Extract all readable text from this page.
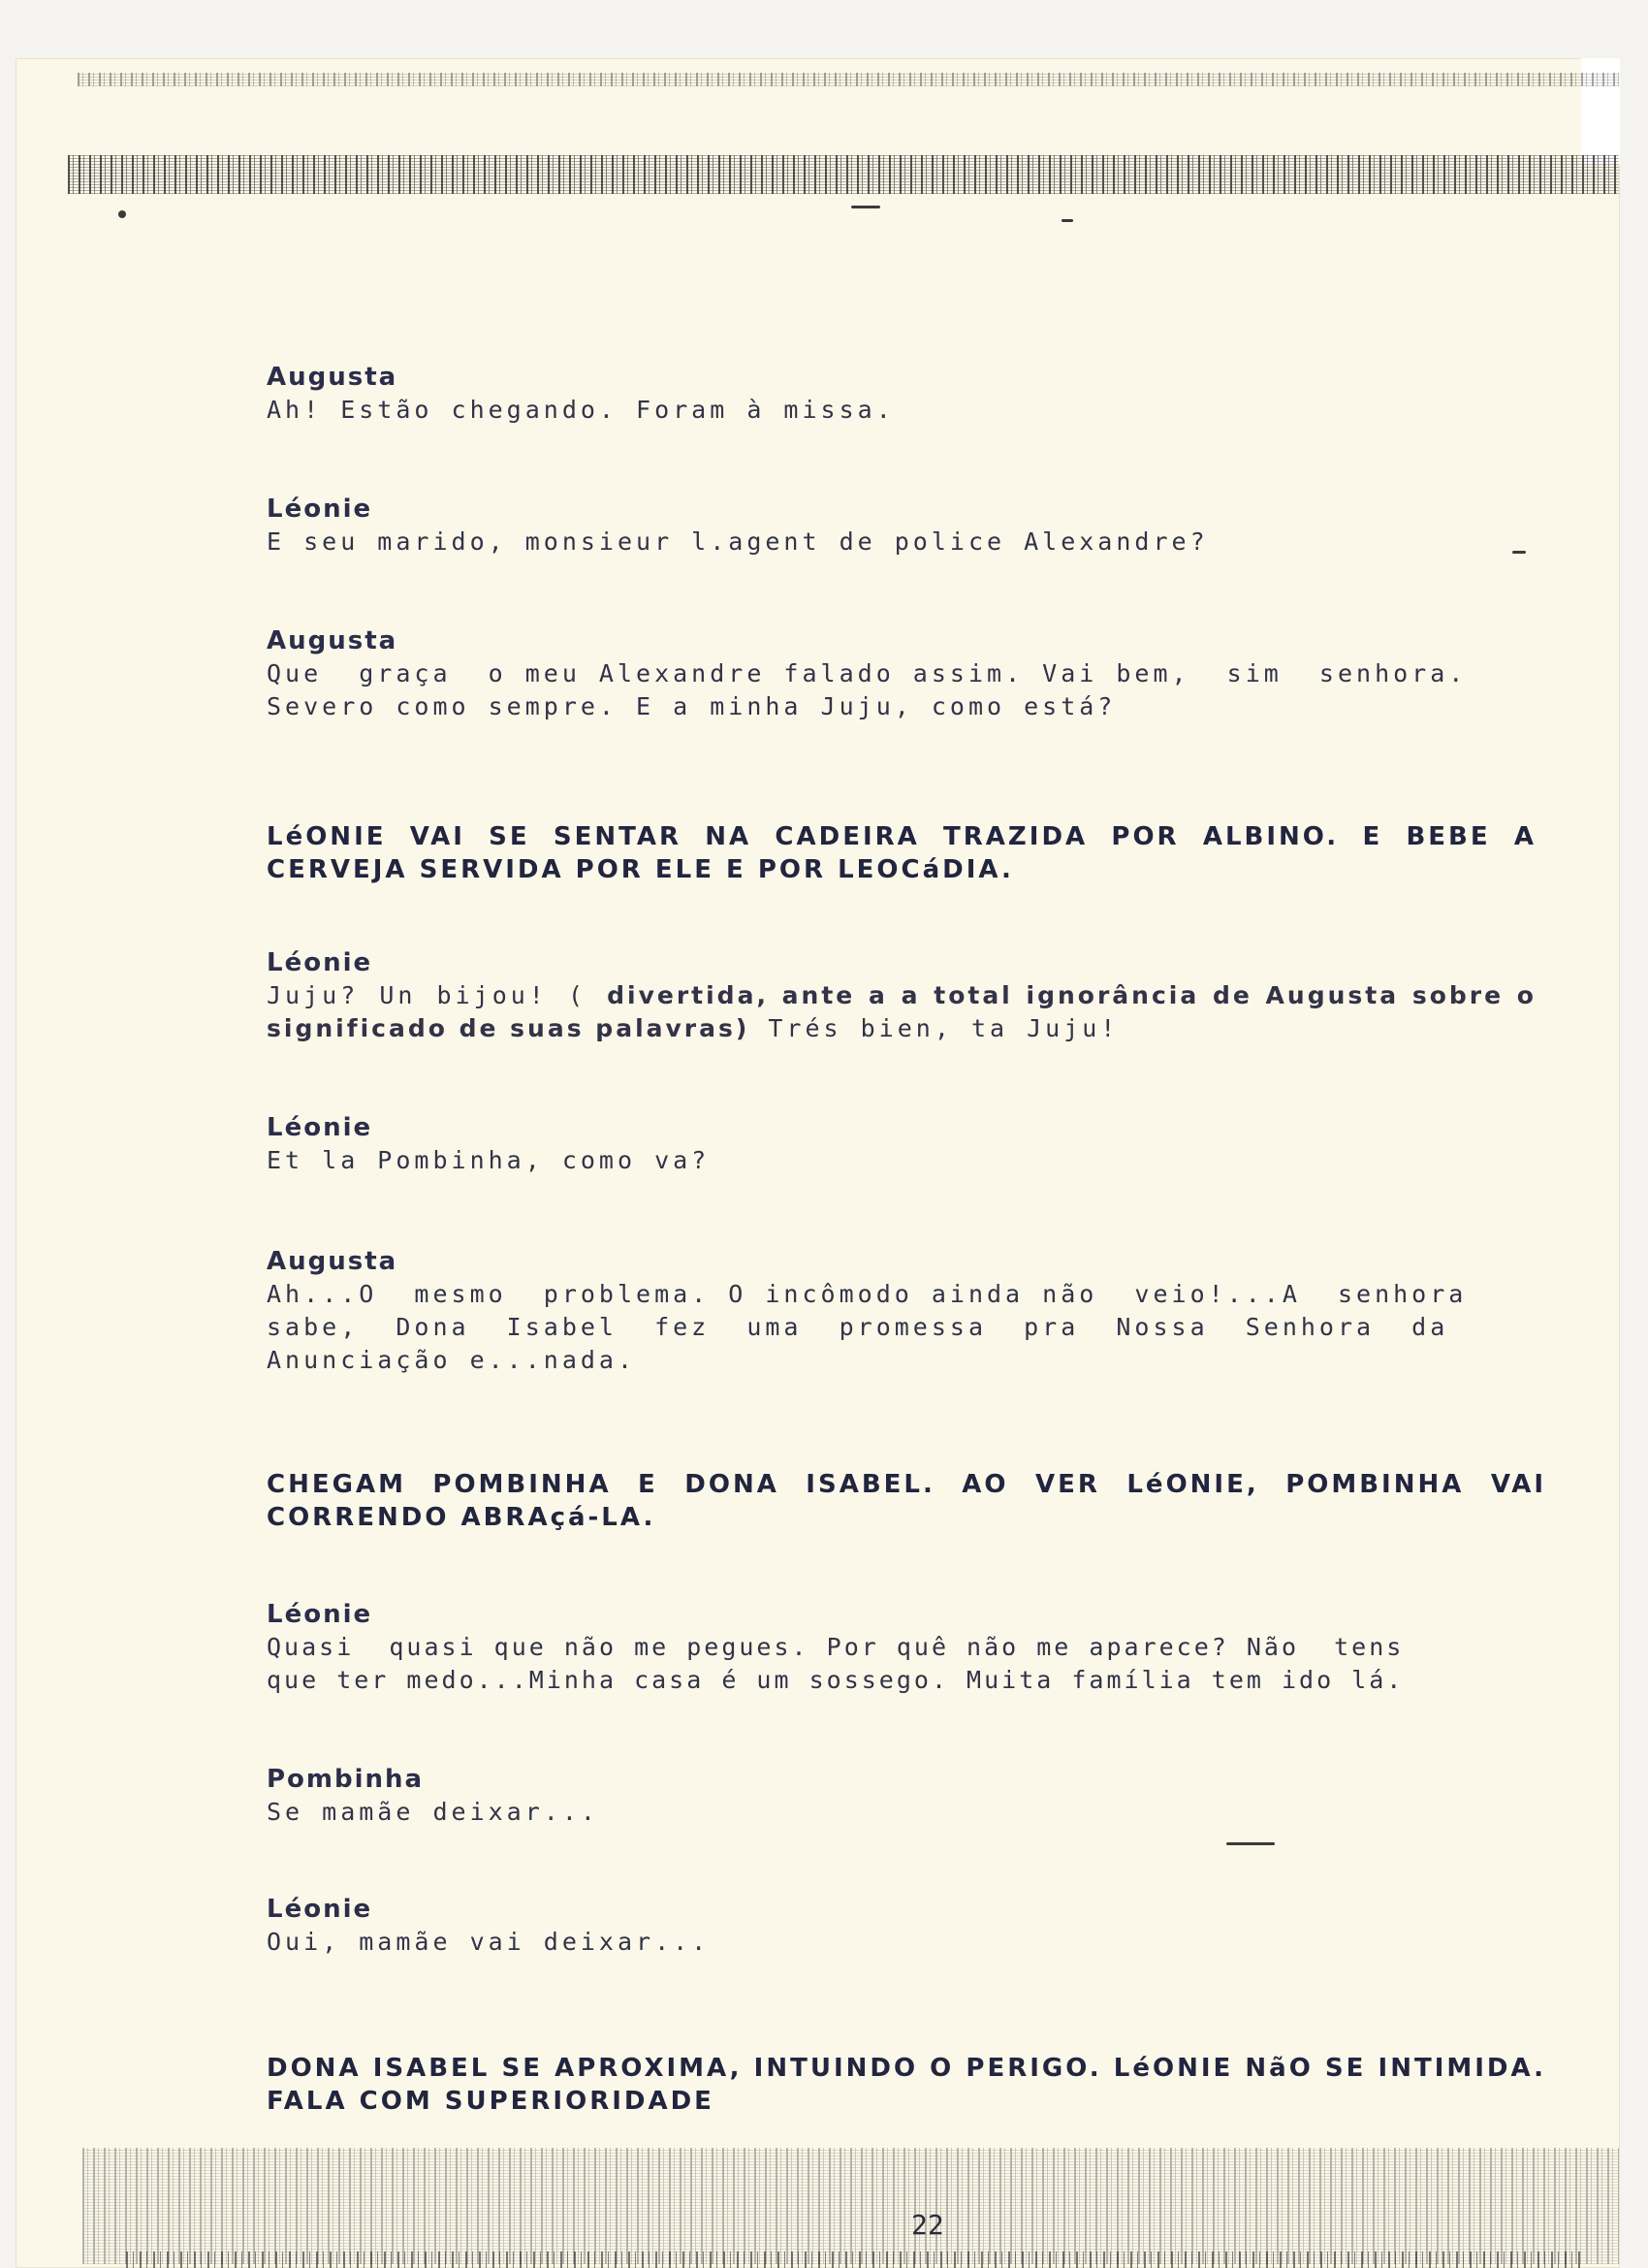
Augusta
Ah! Estão chegando. Foram à missa.
Léonie
E seu marido, monsieur l.agent de police Alexandre?
Augusta
Que  graça  o meu Alexandre falado assim. Vai bem,  sim  senhora.
Severo como sempre. E a minha Juju, como está?
LéONIE VAI SE SENTAR NA CADEIRA TRAZIDA POR ALBINO. E BEBE A CERVEJA SERVIDA POR ELE E POR LEOCáDIA.
Léonie
Juju? Un bijou! ( divertida, ante a a total ignorância de Augusta sobre o significado de suas palavras) Trés bien, ta Juju!
Léonie
Et la Pombinha, como va?
Augusta
Ah...O  mesmo  problema. O incômodo ainda não  veio!...A  senhora
sabe,  Dona  Isabel  fez  uma  promessa  pra  Nossa  Senhora  da
Anunciação e...nada.
CHEGAM POMBINHA E DONA ISABEL. AO VER LéONIE, POMBINHA VAI CORRENDO ABRAçá-LA.
Léonie
Quasi  quasi que não me pegues. Por quê não me aparece? Não  tens
que ter medo...Minha casa é um sossego. Muita família tem ido lá.
Pombinha
Se mamãe deixar...
Léonie
Oui, mamãe vai deixar...
DONA ISABEL SE APROXIMA, INTUINDO O PERIGO. LéONIE NãO SE INTIMIDA. FALA COM SUPERIORIDADE
22
